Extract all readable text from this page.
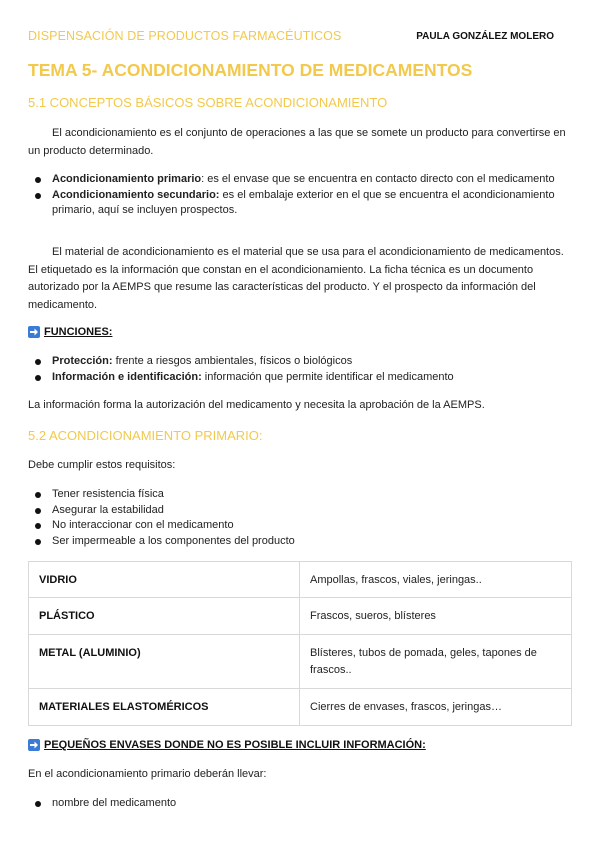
DISPENSACIÓN DE PRODUCTOS FARMACÉUTICOS	PAULA GONZÁLEZ MOLERO
TEMA 5- ACONDICIONAMIENTO DE MEDICAMENTOS
5.1 CONCEPTOS BÁSICOS SOBRE ACONDICIONAMIENTO

El acondicionamiento es el conjunto de operaciones a las que se somete un producto para convertirse en un producto determinado.

Acondicionamiento primario: es el envase que se encuentra en contacto directo con el medicamento
Acondicionamiento secundario: es el embalaje exterior en el que se encuentra el acondicionamiento primario, aquí se incluyen prospectos.

El material de acondicionamiento es el material que se usa para el acondicionamiento de medicamentos. El etiquetado es la información que constan en el acondicionamiento. La ficha técnica es un documento autorizado por la AEMPS que resume las características del producto. Y el prospecto da información del medicamento.

FUNCIONES:
Protección: frente a riesgos ambientales, físicos o biológicos
Información e identificación: información que permite identificar el medicamento

La información forma la autorización del medicamento y necesita la aprobación de la AEMPS.

5.2 ACONDICIONAMIENTO PRIMARIO:

Debe cumplir estos requisitos:

Tener resistencia física
Asegurar la estabilidad
No interaccionar con el medicamento
Ser impermeable a los componentes del producto
VIDRIO	Ampollas, frascos, viales, jeringas..
PLÁSTICO	Frascos, sueros, blísteres
METAL (ALUMINIO)	Blísteres, tubos de pomada, geles, tapones de frascos..
MATERIALES ELASTOMÉRICOS	Cierres de envases, frascos, jeringas…
PEQUEÑOS ENVASES DONDE NO ES POSIBLE INCLUIR INFORMACIÓN:

En el acondicionamiento primario deberán llevar:

nombre del medicamento
